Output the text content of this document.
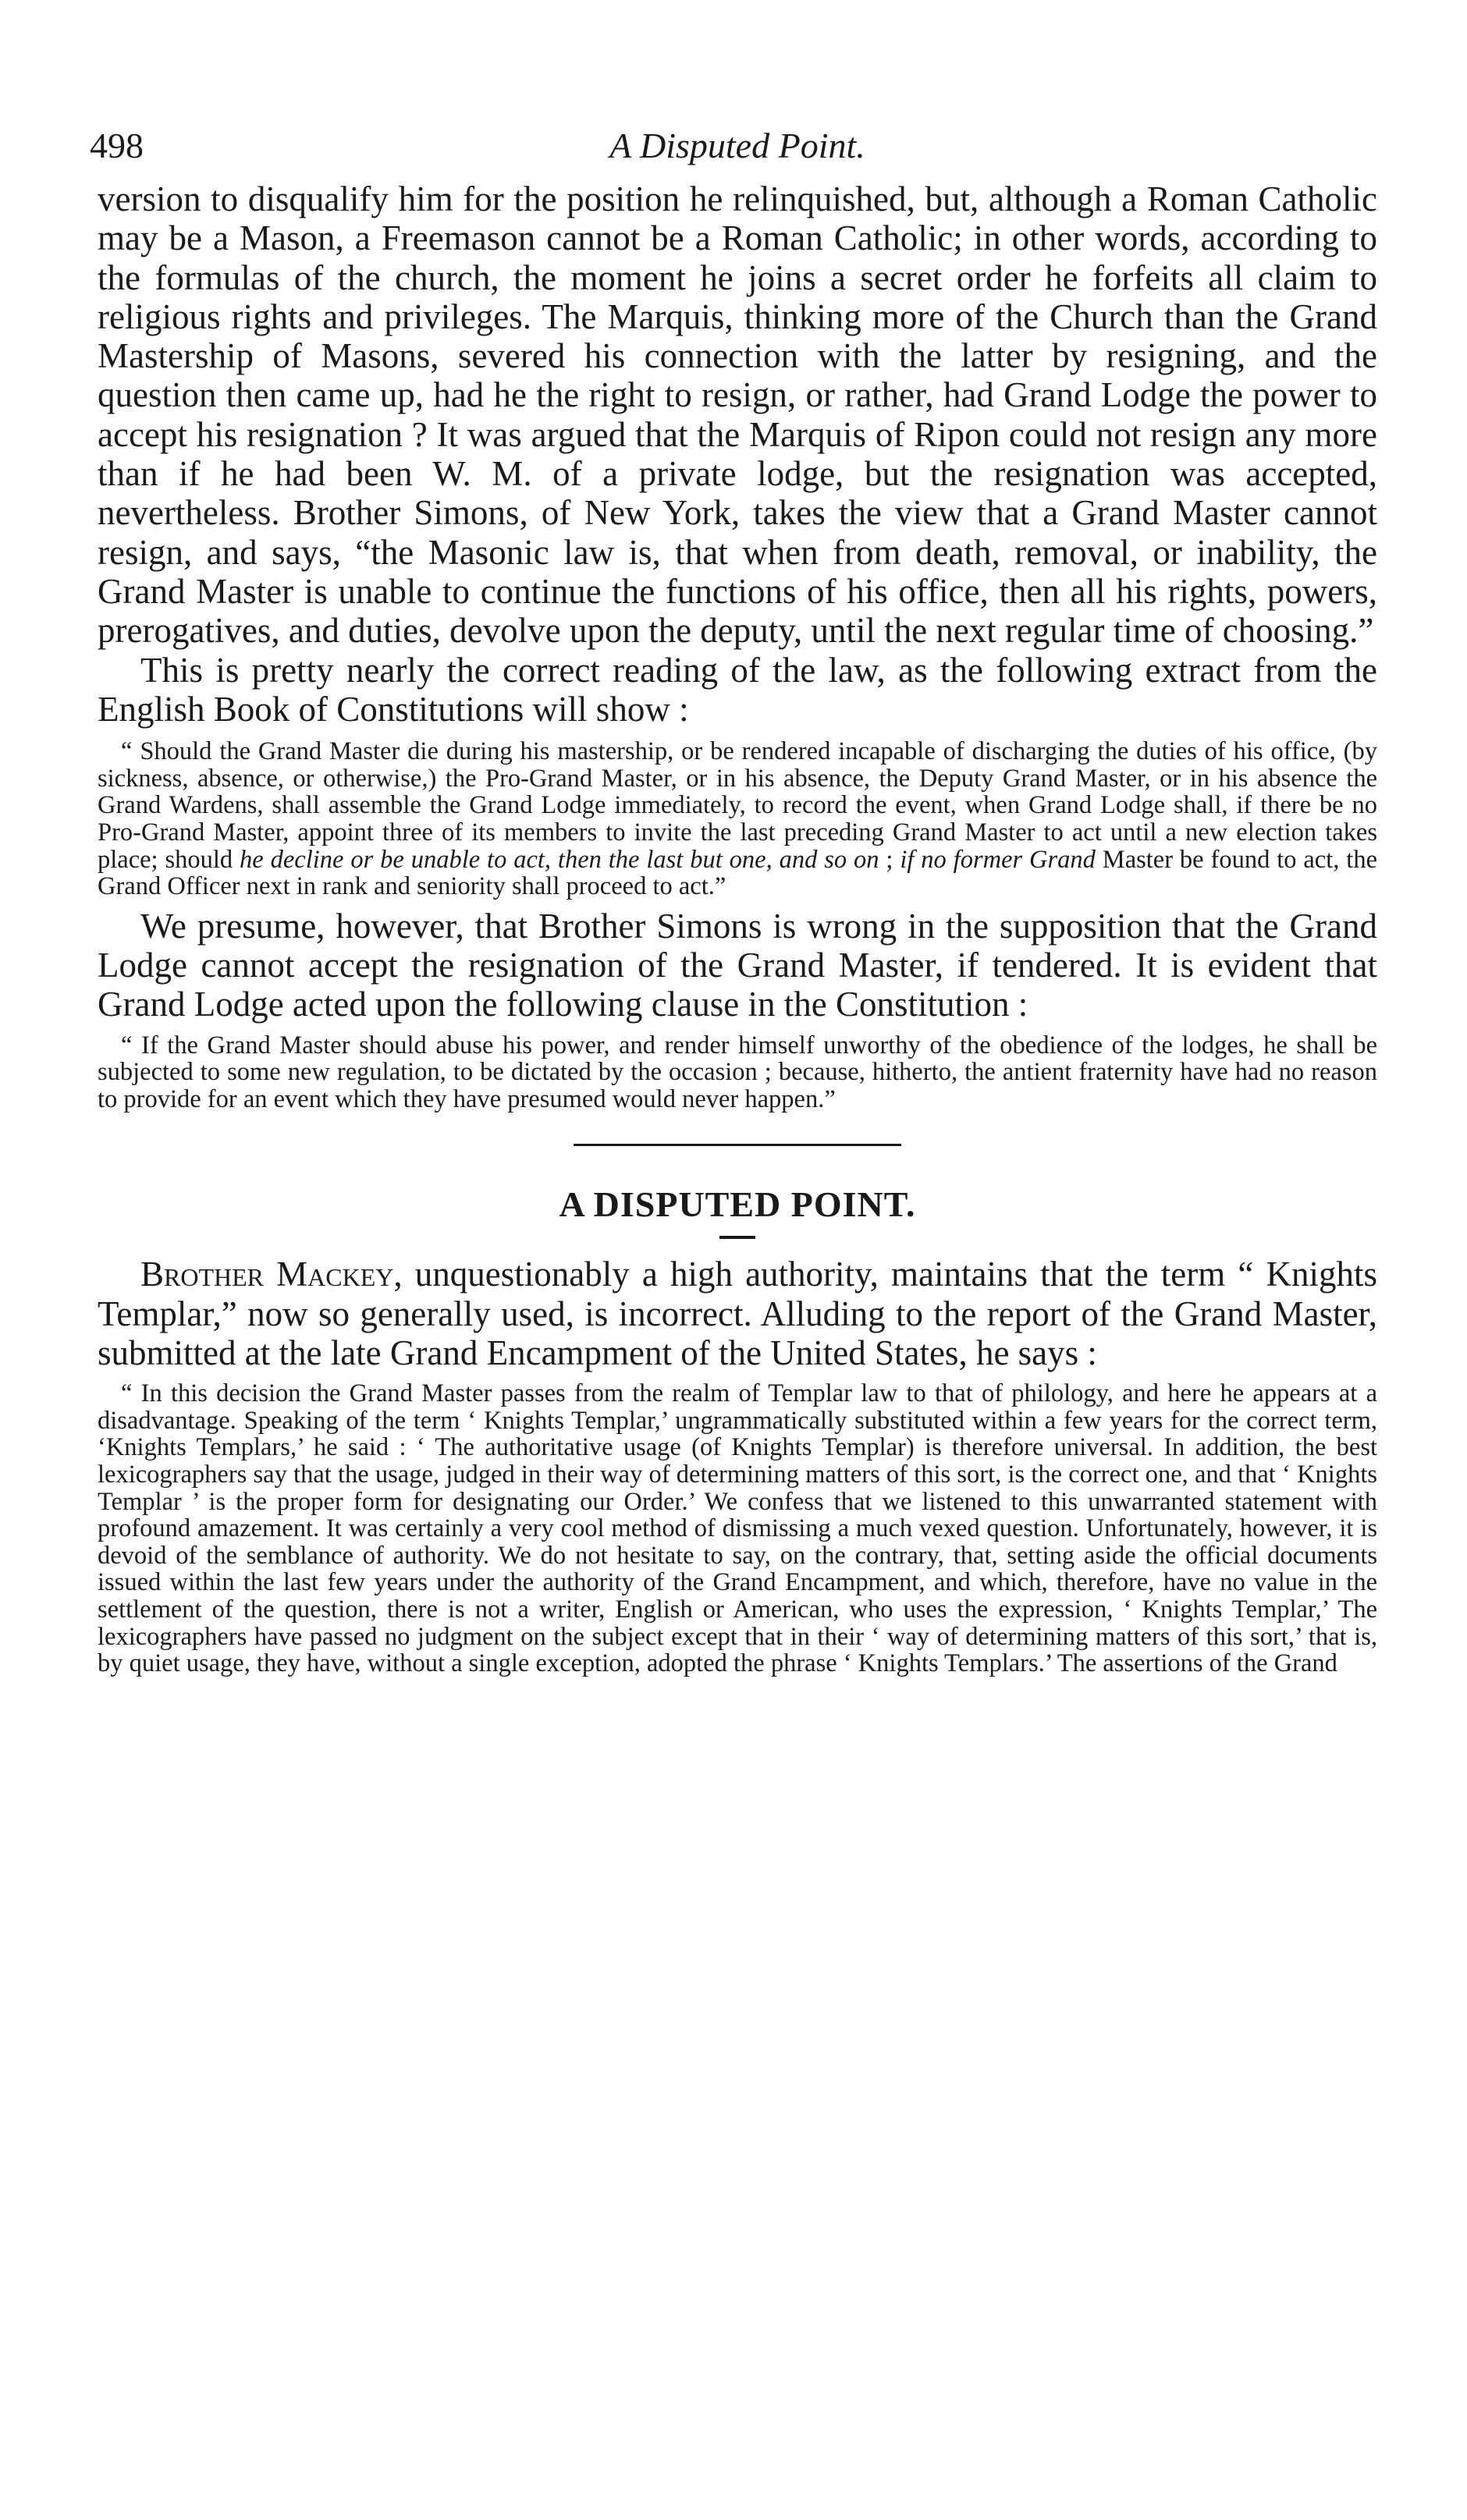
498	A Disputed Point.

version to disqualify him for the position he relinquished, but, although a Roman Catholic may be a Mason, a Freemason cannot be a Roman Catholic; in other words, according to the formulas of the church, the moment he joins a secret order he forfeits all claim to religious rights and privileges. The Marquis, thinking more of the Church than the Grand Mastership of Masons, severed his connection with the latter by resigning, and the question then came up, had he the right to resign, or rather, had Grand Lodge the power to accept his resignation ? It was argued that the Marquis of Ripon could not resign any more than if he had been W. M. of a private lodge, but the resignation was accepted, nevertheless. Brother Simons, of New York, takes the view that a Grand Master cannot resign, and says, “the Masonic law is, that when from death, removal, or inability, the Grand Master is unable to continue the functions of his office, then all his rights, powers, prerogatives, and duties, devolve upon the deputy, until the next regular time of choosing.”

This is pretty nearly the correct reading of the law, as the following extract from the English Book of Constitutions will show :

“ Should the Grand Master die during his mastership, or be rendered incapable of discharging the duties of his office, (by sickness, absence, or otherwise,) the Pro-Grand Master, or in his absence, the Deputy Grand Master, or in his absence the Grand Wardens, shall assemble the Grand Lodge immediately, to record the event, when Grand Lodge shall, if there be no Pro-Grand Master, appoint three of its members to invite the last preceding Grand Master to act until a new election takes place; should he decline or be unable to act, then the last but one, and so on ; if no former Grand Master be found to act, the Grand Officer next in rank and seniority shall proceed to act.”

We presume, however, that Brother Simons is wrong in the supposition that the Grand Lodge cannot accept the resignation of the Grand Master, if tendered. It is evident that Grand Lodge acted upon the following clause in the Constitution :

“ If the Grand Master should abuse his power, and render himself unworthy of the obedience of the lodges, he shall be subjected to some new regulation, to be dictated by the occasion ; because, hitherto, the antient fraternity have had no reason to provide for an event which they have presumed would never happen.”

A DISPUTED POINT.

Brother Mackey, unquestionably a high authority, maintains that the term “ Knights Templar,” now so generally used, is incorrect. Alluding to the report of the Grand Master, submitted at the late Grand Encampment of the United States, he says :

“ In this decision the Grand Master passes from the realm of Templar law to that of philology, and here he appears at a disadvantage. Speaking of the term ‘ Knights Templar,’ ungrammatically substituted within a few years for the correct term, ‘Knights Templars,’ he said : ‘ The authoritative usage (of Knights Templar) is therefore universal. In addition, the best lexicographers say that the usage, judged in their way of determining matters of this sort, is the correct one, and that ‘ Knights Templar ’ is the proper form for designating our Order.’ We confess that we listened to this unwarranted statement with profound amazement. It was certainly a very cool method of dismissing a much vexed question. Unfortunately, however, it is devoid of the semblance of authority. We do not hesitate to say, on the contrary, that, setting aside the official documents issued within the last few years under the authority of the Grand Encampment, and which, therefore, have no value in the settlement of the question, there is not a writer, English or American, who uses the expression, ‘ Knights Templar,’ The lexicographers have passed no judgment on the subject except that in their ‘ way of determining matters of this sort,’ that is, by quiet usage, they have, without a single exception, adopted the phrase ‘ Knights Templars.’ The assertions of the Grand
